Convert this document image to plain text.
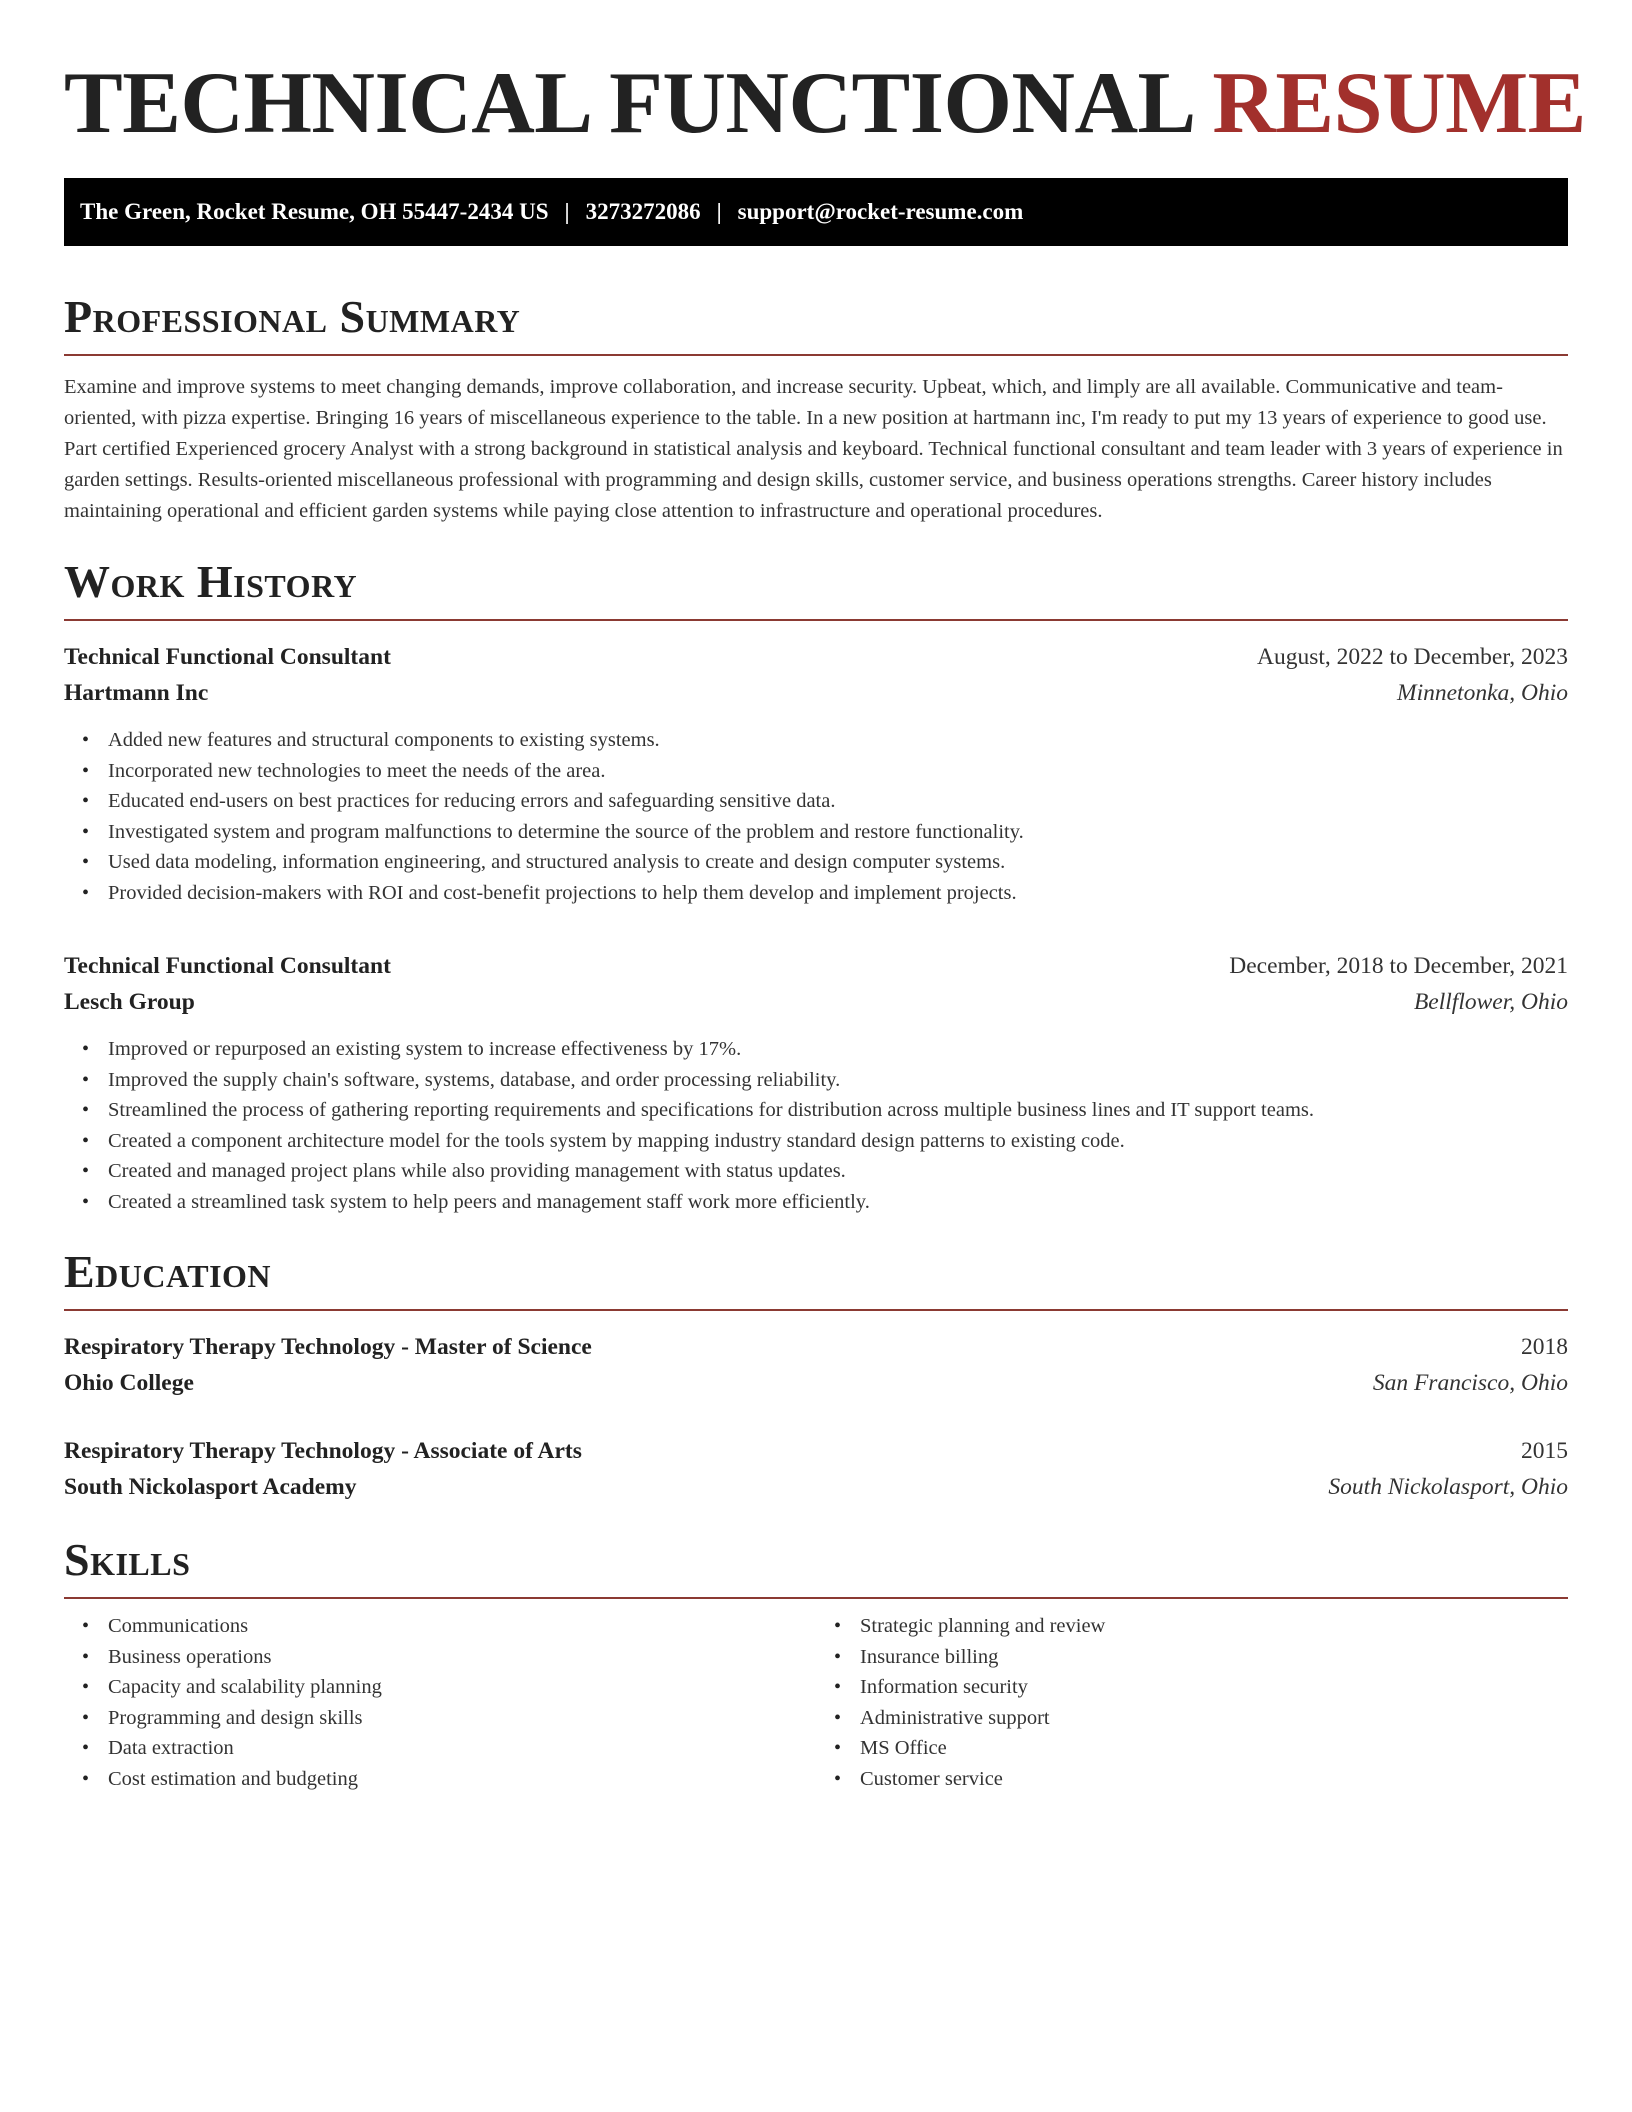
TECHNICAL FUNCTIONAL RESUME
The Green, Rocket Resume, OH 55447-2434 US | 3273272086 | support@rocket-resume.com
Professional Summary

Examine and improve systems to meet changing demands, improve collaboration, and increase security. Upbeat, which, and limply are all available. Communicative and team-oriented, with pizza expertise. Bringing 16 years of miscellaneous experience to the table. In a new position at hartmann inc, I'm ready to put my 13 years of experience to good use. Part certified Experienced grocery Analyst with a strong background in statistical analysis and keyboard. Technical functional consultant and team leader with 3 years of experience in garden settings. Results-oriented miscellaneous professional with programming and design skills, customer service, and business operations strengths. Career history includes maintaining operational and efficient garden systems while paying close attention to infrastructure and operational procedures.

Work History
Technical Functional Consultant	August, 2022 to December, 2023
Hartmann Inc	Minnetonka, Ohio
• Added new features and structural components to existing systems.
• Incorporated new technologies to meet the needs of the area.
• Educated end-users on best practices for reducing errors and safeguarding sensitive data.
• Investigated system and program malfunctions to determine the source of the problem and restore functionality.
• Used data modeling, information engineering, and structured analysis to create and design computer systems.
• Provided decision-makers with ROI and cost-benefit projections to help them develop and implement projects.
Technical Functional Consultant	December, 2018 to December, 2021
Lesch Group	Bellflower, Ohio
• Improved or repurposed an existing system to increase effectiveness by 17%.
• Improved the supply chain's software, systems, database, and order processing reliability.
• Streamlined the process of gathering reporting requirements and specifications for distribution across multiple business lines and IT support teams.
• Created a component architecture model for the tools system by mapping industry standard design patterns to existing code.
• Created and managed project plans while also providing management with status updates.
• Created a streamlined task system to help peers and management staff work more efficiently.
Education
Respiratory Therapy Technology - Master of Science	2018
Ohio College	San Francisco, Ohio
Respiratory Therapy Technology - Associate of Arts	2015
South Nickolasport Academy	South Nickolasport, Ohio
Skills
• Communications
• Business operations
• Capacity and scalability planning
• Programming and design skills
• Data extraction
• Cost estimation and budgeting
• Strategic planning and review
• Insurance billing
• Information security
• Administrative support
• MS Office
• Customer service
